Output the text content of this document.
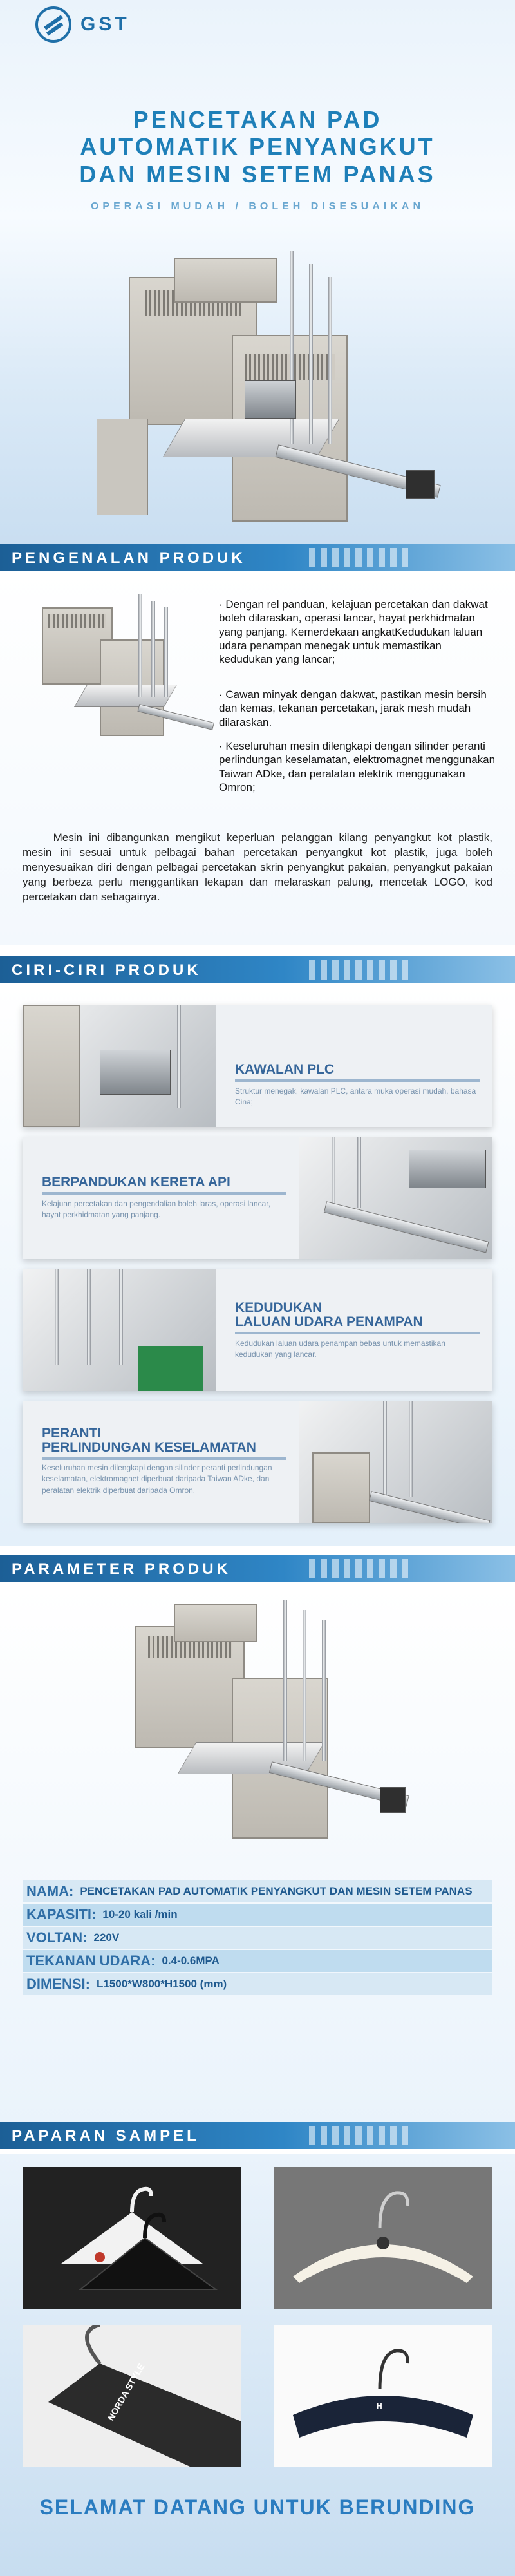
GST
PENCETAKAN PAD
AUTOMATIK PENYANGKUT
DAN MESIN SETEM PANAS
OPERASI MUDAH / BOLEH DISESUAIKAN
PENGENALAN PRODUK
· Dengan rel panduan, kelajuan percetakan dan dakwat boleh dilaraskan, operasi lancar, hayat perkhidmatan yang panjang. Kemerdekaan angkatKedudukan laluan udara penampan menegak untuk memastikan kedudukan yang lancar;
· Cawan minyak dengan dakwat, pastikan mesin bersih dan kemas, tekanan percetakan, jarak mesh mudah dilaraskan.
· Keseluruhan mesin dilengkapi dengan silinder peranti perlindungan keselamatan, elektromagnet menggunakan Taiwan ADke, dan peralatan elektrik menggunakan Omron;

Mesin ini dibangunkan mengikut keperluan pelanggan kilang penyangkut kot plastik, mesin ini sesuai untuk pelbagai bahan percetakan penyangkut kot plastik, juga boleh menyesuaikan diri dengan pelbagai percetakan skrin penyangkut pakaian, penyangkut pakaian yang berbeza perlu menggantikan lekapan dan melaraskan palung, mencetak LOGO, kod percetakan dan sebagainya.

CIRI-CIRI PRODUK
KAWALAN PLC
Struktur menegak, kawalan PLC, antara muka operasi mudah, bahasa Cina;
BERPANDUKAN KERETA API
Kelajuan percetakan dan pengendalian boleh laras, operasi lancar, hayat perkhidmatan yang panjang.
KEDUDUKAN
LALUAN UDARA PENAMPAN
Kedudukan laluan udara penampan bebas untuk memastikan kedudukan yang lancar.
PERANTI
PERLINDUNGAN KESELAMATAN
Keseluruhan mesin dilengkapi dengan silinder peranti perlindungan keselamatan, elektromagnet diperbuat daripada Taiwan ADke, dan peralatan elektrik diperbuat daripada Omron.
PARAMETER PRODUK
NAMA: PENCETAKAN PAD AUTOMATIK PENYANGKUT DAN MESIN SETEM PANAS
KAPASITI: 10-20 kali /min
VOLTAN: 220V
TEKANAN UDARA: 0.4-0.6MPA
DIMENSI: L1500*W800*H1500 (mm)
PAPARAN SAMPEL
NORDA STYLE	H
SELAMAT DATANG UNTUK BERUNDING
